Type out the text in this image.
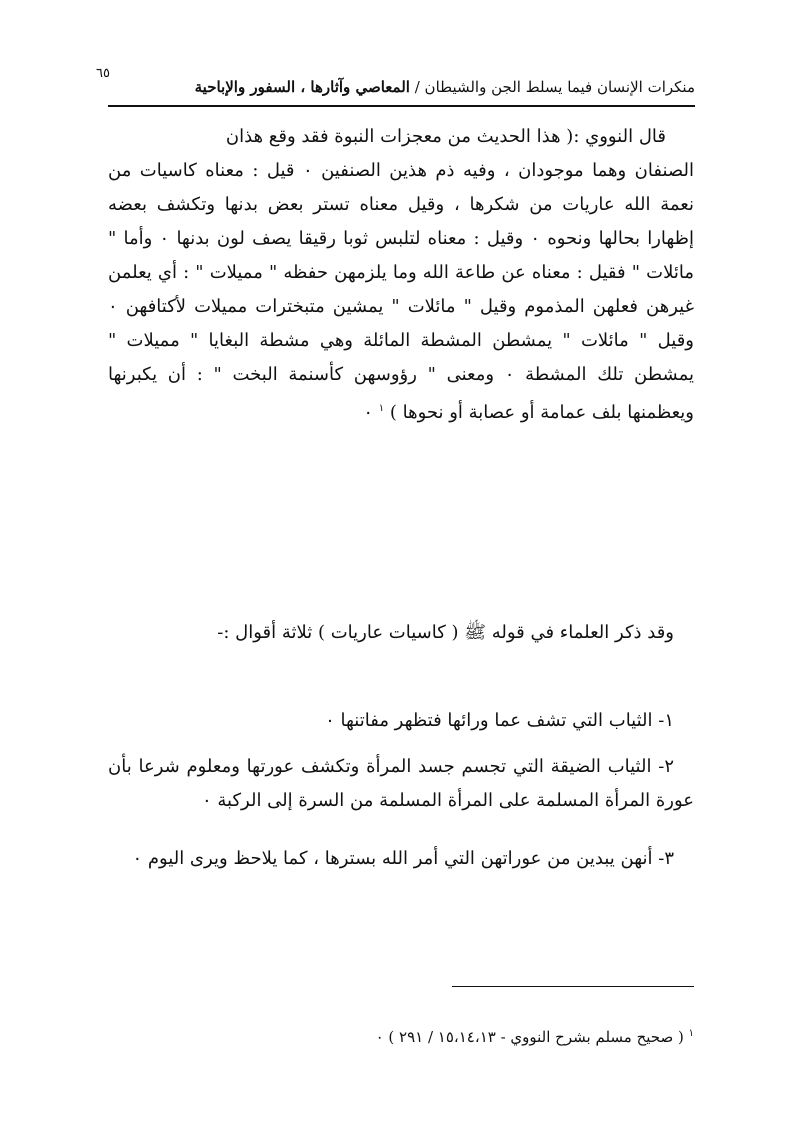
٦٥
منكرات الإنسان فيما يسلط الجن والشيطان / المعاصي وآثارها ، السفور والإباحية

قال النووي :( هذا الحديث من معجزات النبوة فقد وقع هذان
الصنفان وهما موجودان ، وفيه ذم هذين الصنفين ٠ قيل : معناه كاسيات من نعمة الله عاريات من شكرها ، وقيل معناه تستر بعض بدنها وتكشف بعضه إظهارا بحالها ونحوه ٠ وقيل : معناه لتلبس ثوبا رقيقا يصف لون بدنها ٠ وأما " مائلات " فقيل : معناه عن طاعة الله وما يلزمهن حفظه " مميلات " : أي يعلمن غيرهن فعلهن المذموم وقيل " مائلات " يمشين متبخترات مميلات لأكتافهن ٠ وقيل " مائلات " يمشطن المشطة المائلة وهي مشطة البغايا " مميلات " يمشطن تلك المشطة ٠ ومعنى " رؤوسهن كأسنمة البخت " : أن يكبرنها ويعظمنها بلف عمامة أو عصابة أو نحوها ) $^١$ ٠

وقد ذكر العلماء في قوله ﷺ ( كاسيات عاريات ) ثلاثة أقوال :-

١- الثياب التي تشف عما ورائها فتظهر مفاتنها ٠

٢- الثياب الضيقة التي تجسم جسد المرأة وتكشف عورتها ومعلوم شرعا بأن عورة المرأة المسلمة على المرأة المسلمة من السرة إلى الركبة ٠

٣- أنهن يبدين من عوراتهن التي أمر الله بسترها ، كما يلاحظ ويرى اليوم ٠

$^١$ ( صحيح مسلم بشرح النووي - ١٥،١٤،١٣ / ٢٩١ ) ٠
